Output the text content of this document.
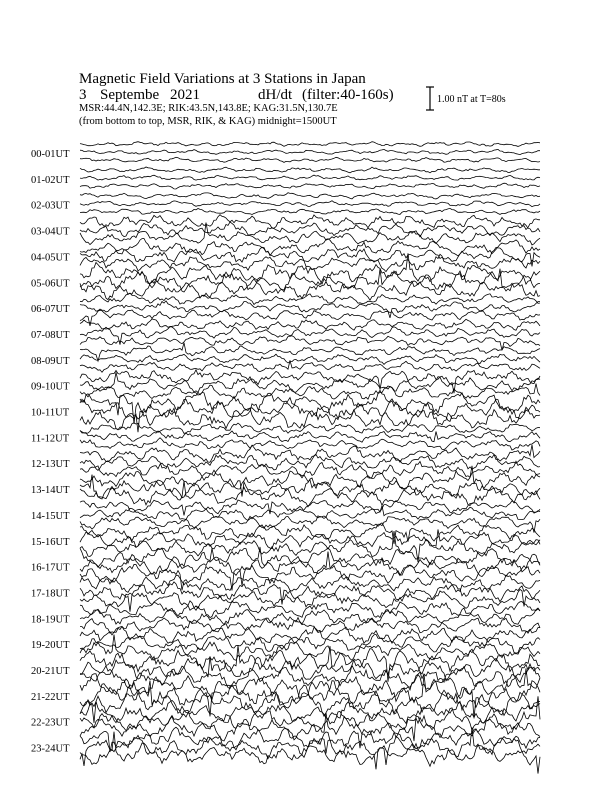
Magnetic Field Variations at 3 Stations in Japan
3 Septembe 2021	dH/dt (filter:40-160s)
MSR:44.4N,142.3E; RIK:43.5N,143.8E; KAG:31.5N,130.7E
(from bottom to top, MSR, RIK, & KAG) midnight=1500UT
1.00 nT at T=80s
00-01UT
01-02UT
02-03UT
03-04UT
04-05UT
05-06UT
06-07UT
07-08UT
08-09UT
09-10UT
10-11UT
11-12UT
12-13UT
13-14UT
14-15UT
15-16UT
16-17UT
17-18UT
18-19UT
19-20UT
20-21UT
21-22UT
22-23UT
23-24UT
